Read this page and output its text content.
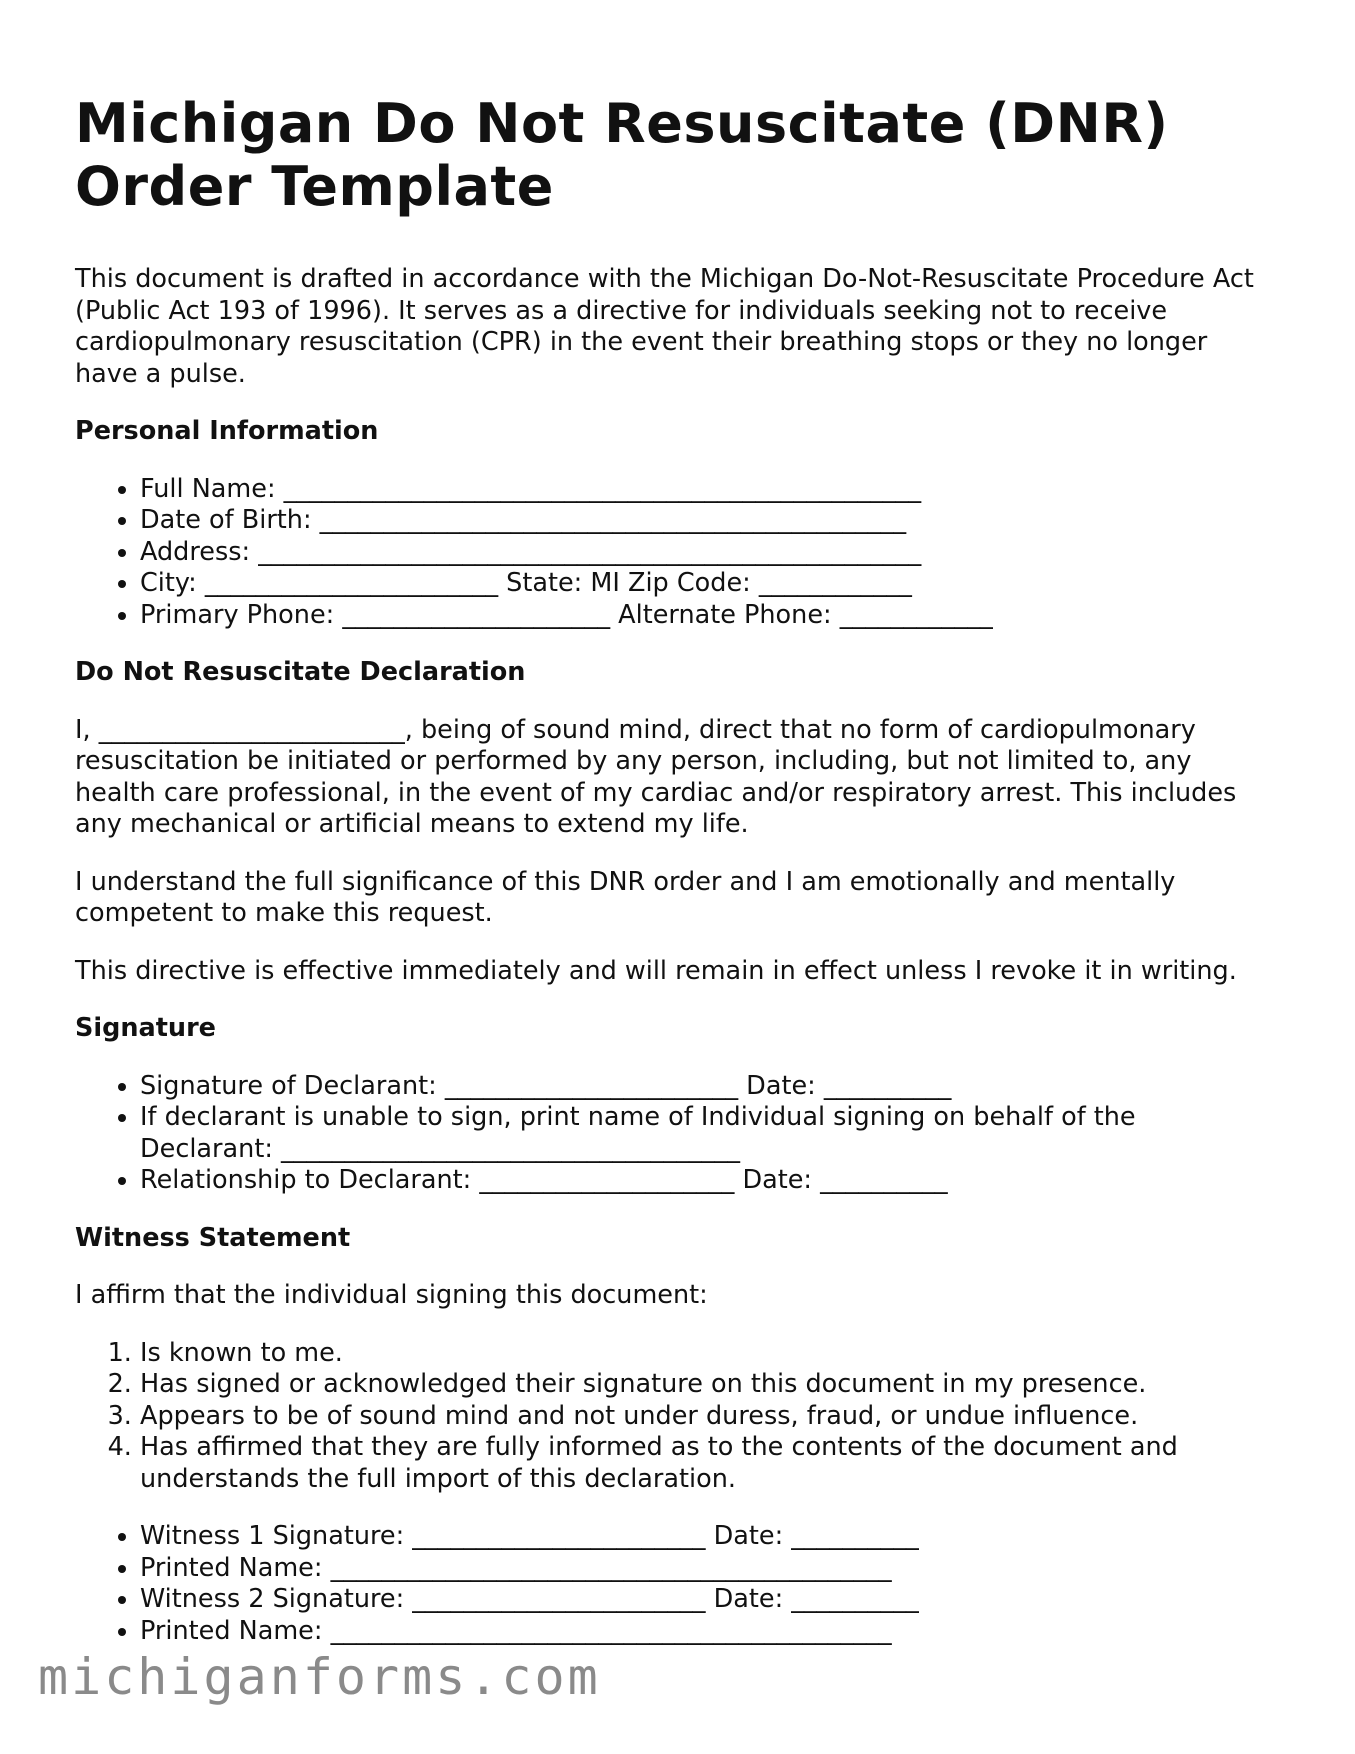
Michigan Do Not Resuscitate (DNR) Order Template

This document is drafted in accordance with the Michigan Do-Not-Resuscitate Procedure Act (Public Act 193 of 1996). It serves as a directive for individuals seeking not to receive cardiopulmonary resuscitation (CPR) in the event their breathing stops or they no longer have a pulse.

Personal Information
• Full Name: __________________________________________________
• Date of Birth: ______________________________________________
• Address: ____________________________________________________
• City: _______________________ State: MI Zip Code: ____________
• Primary Phone: _____________________ Alternate Phone: ____________
Do Not Resuscitate Declaration

I, ________________________, being of sound mind, direct that no form of cardiopulmonary resuscitation be initiated or performed by any person, including, but not limited to, any health care professional, in the event of my cardiac and/or respiratory arrest. This includes any mechanical or artificial means to extend my life.

I understand the full significance of this DNR order and I am emotionally and mentally competent to make this request.

This directive is effective immediately and will remain in effect unless I revoke it in writing.

Signature
• Signature of Declarant: _______________________ Date: __________
• If declarant is unable to sign, print name of Individual signing on behalf of the Declarant: ____________________________________
• Relationship to Declarant: ____________________ Date: __________
Witness Statement

I affirm that the individual signing this document:

1. Is known to me.
2. Has signed or acknowledged their signature on this document in my presence.
3. Appears to be of sound mind and not under duress, fraud, or undue influence.
4. Has affirmed that they are fully informed as to the contents of the document and understands the full import of this declaration.
• Witness 1 Signature: _______________________ Date: __________
• Printed Name: ____________________________________________
• Witness 2 Signature: _______________________ Date: __________
• Printed Name: ____________________________________________
michiganforms.com
